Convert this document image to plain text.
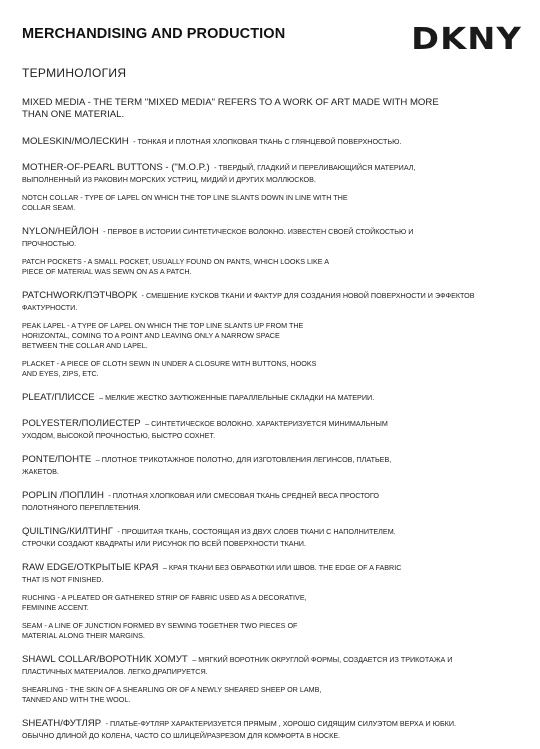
MERCHANDISING AND PRODUCTION	DKNY
ТЕРМИНОЛОГИЯ
MIXED MEDIA - THE TERM "MIXED MEDIA" REFERS TO A WORK OF ART MADE WITH MORE
THAN ONE MATERIAL.
MOLESKIN/МОЛЕСКИН - ТОНКАЯ И ПЛОТНАЯ ХЛОПКОВАЯ ТКАНЬ С ГЛЯНЦЕВОЙ ПОВЕРХНОСТЬЮ.
MOTHER-OF-PEARL BUTTONS - ("M.O.P.) - ТВЕРДЫЙ, ГЛАДКИЙ И ПЕРЕЛИВАЮЩИЙСЯ МАТЕРИАЛ,
ВЫПОЛНЕННЫЙ ИЗ РАКОВИН МОРСКИХ УСТРИЦ, МИДИЙ И ДРУГИХ МОЛЛЮСКОВ.
NOTCH COLLAR - TYPE OF LAPEL ON WHICH THE TOP LINE SLANTS DOWN IN LINE WITH THE
COLLAR SEAM.
NYLON/НЕЙЛОН - ПЕРВОЕ В ИСТОРИИ СИНТЕТИЧЕСКОЕ ВОЛОКНО. ИЗВЕСТЕН СВОЕЙ СТОЙКОСТЬЮ И
ПРОЧНОСТЬЮ.
PATCH POCKETS - A SMALL POCKET, USUALLY FOUND ON PANTS, WHICH LOOKS LIKE A
PIECE OF MATERIAL WAS SEWN ON AS A PATCH.
PATCHWORK/ПЭТЧВОРК - СМЕШЕНИЕ КУСКОВ ТКАНИ И ФАКТУР ДЛЯ СОЗДАНИЯ НОВОЙ ПОВЕРХНОСТИ И ЭФФЕКТОВ
ФАКТУРНОСТИ.
PEAK LAPEL - A TYPE OF LAPEL ON WHICH THE TOP LINE SLANTS UP FROM THE
HORIZONTAL, COMING TO A POINT AND LEAVING ONLY A NARROW SPACE
BETWEEN THE COLLAR AND LAPEL.
PLACKET - A PIECE OF CLOTH SEWN IN UNDER A CLOSURE WITH BUTTONS, HOOKS
AND EYES, ZIPS, ETC.
PLEAT/ПЛИССЕ – МЕЛКИЕ ЖЕСТКО ЗАУТЮЖЕННЫЕ ПАРАЛЛЕЛЬНЫЕ СКЛАДКИ НА МАТЕРИИ.
POLYESTER/ПОЛИЕСТЕР – СИНТЕТИЧЕСКОЕ ВОЛОКНО. ХАРАКТЕРИЗУЕТСЯ МИНИМАЛЬНЫМ
УХОДОМ, ВЫСОКОЙ ПРОЧНОСТЬЮ, БЫСТРО СОХНЕТ.
PONTE/ПОНТЕ – ПЛОТНОЕ ТРИКОТАЖНОЕ ПОЛОТНО, ДЛЯ ИЗГОТОВЛЕНИЯ ЛЕГИНСОВ, ПЛАТЬЕВ,
ЖАКЕТОВ.
POPLIN /ПОПЛИН - ПЛОТНАЯ ХЛОПКОВАЯ ИЛИ СМЕСОВАЯ ТКАНЬ СРЕДНЕЙ ВЕСА ПРОСТОГО
ПОЛОТНЯНОГО ПЕРЕПЛЕТЕНИЯ.
QUILTING/КИЛТИНГ - ПРОШИТАЯ ТКАНЬ, СОСТОЯЩАЯ ИЗ ДВУХ СЛОЕВ ТКАНИ С НАПОЛНИТЕЛЕМ.
СТРОЧКИ СОЗДАЮТ КВАДРАТЫ ИЛИ РИСУНОК ПО ВСЕЙ ПОВЕРХНОСТИ ТКАНИ.
RAW EDGE/ОТКРЫТЫЕ КРАЯ – КРАЯ ТКАНИ БЕЗ ОБРАБОТКИ ИЛИ ШВОВ. THE EDGE OF A FABRIC
THAT IS NOT FINISHED.
RUCHING - A PLEATED OR GATHERED STRIP OF FABRIC USED AS A DECORATIVE,
FEMININE ACCENT.
SEAM - A LINE OF JUNCTION FORMED BY SEWING TOGETHER TWO PIECES OF
MATERIAL ALONG THEIR MARGINS.
SHAWL COLLAR/ВОРОТНИК ХОМУТ – МЯГКИЙ ВОРОТНИК ОКРУГЛОЙ ФОРМЫ, СОЗДАЕТСЯ ИЗ ТРИКОТАЖА И
ПЛАСТИЧНЫХ МАТЕРИАЛОВ. ЛЕГКО ДРАПИРУЕТСЯ.
SHEARLING - THE SKIN OF A SHEARLING OR OF A NEWLY SHEARED SHEEP OR LAMB,
TANNED AND WITH THE WOOL.
SHEATH/ФУТЛЯР - ПЛАТЬЕ-ФУТЛЯР ХАРАКТЕРИЗУЕТСЯ ПРЯМЫМ , ХОРОШО СИДЯЩИМ СИЛУЭТОМ ВЕРХА И ЮБКИ.
ОБЫЧНО ДЛИНОЙ ДО КОЛЕНА, ЧАСТО СО ШЛИЦЕЙ/РАЗРЕЗОМ ДЛЯ КОМФОРТА В НОСКЕ.
